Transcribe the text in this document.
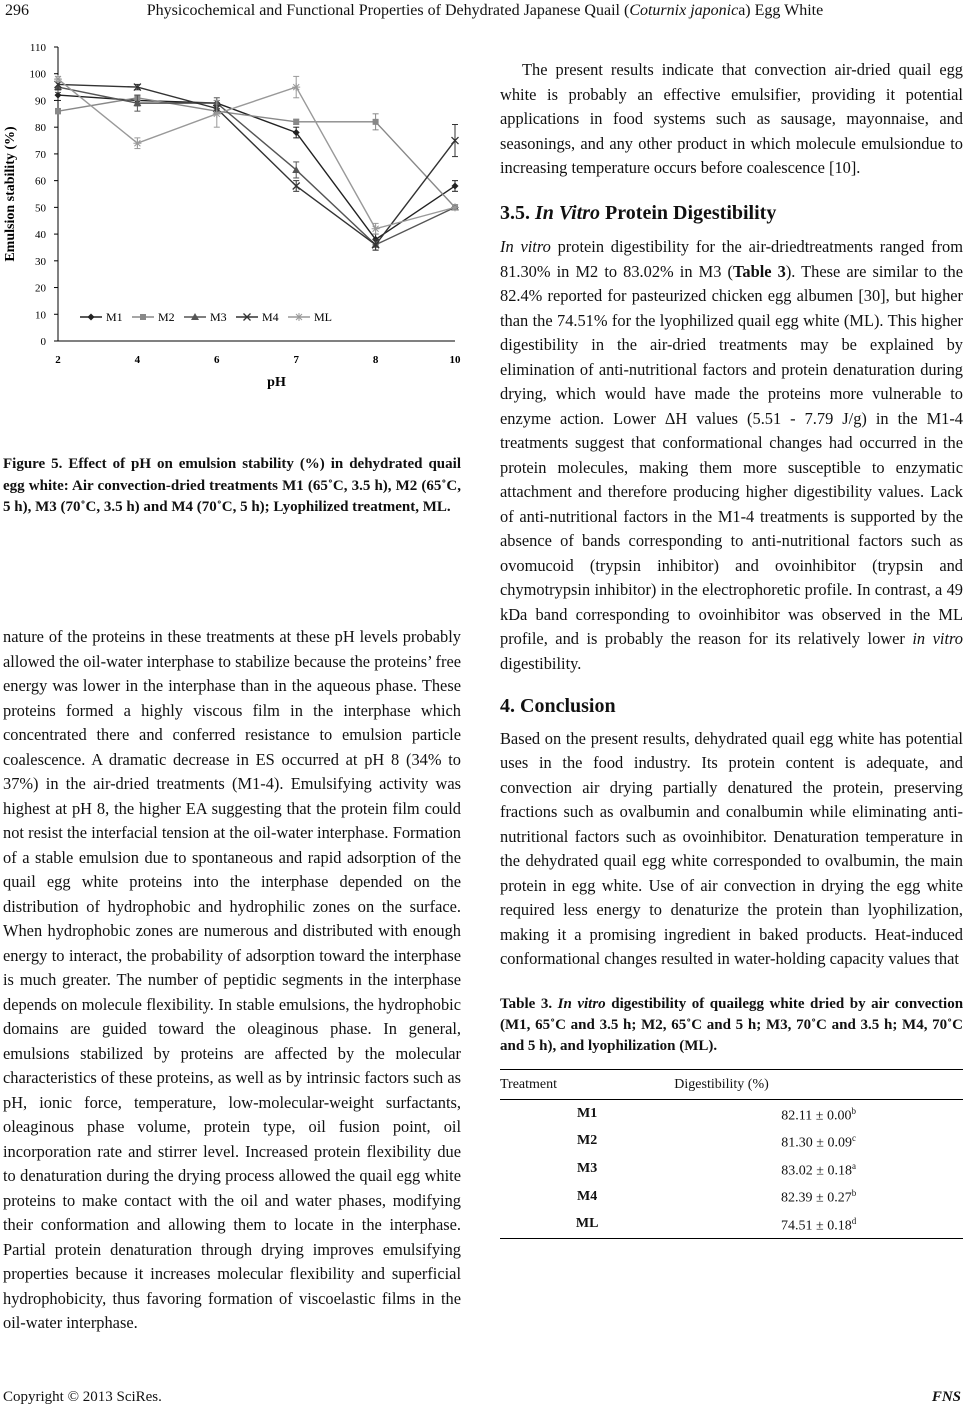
296	Physicochemical and Functional Properties of Dehydrated Japanese Quail (Coturnix japonica) Egg White
0
10
20
30
40
50
60
70
80
90
100
110
2	4	6	7	8	10
pH
Emulsion stability (%)
M1	M2	M3	M4	ML
Figure 5. Effect of pH on emulsion stability (%) in dehydrated quail egg white: Air convection-dried treatments M1 (65˚C, 3.5 h), M2 (65˚C, 5 h), M3 (70˚C, 3.5 h) and M4 (70˚C, 5 h); Lyophilized treatment, ML.

nature of the proteins in these treatments at these pH levels probably allowed the oil-water interphase to stabilize because the proteins’ free energy was lower in the interphase than in the aqueous phase. These proteins formed a highly viscous film in the interphase which concentrated there and conferred resistance to emulsion particle coalescence. A dramatic decrease in ES occurred at pH 8 (34% to 37%) in the air-dried treatments (M1-4). Emulsifying activity was highest at pH 8, the higher EA suggesting that the protein film could not resist the interfacial tension at the oil-water interphase. Formation of a stable emulsion due to spontaneous and rapid adsorption of the quail egg white proteins into the interphase depended on the distribution of hydrophobic and hydrophilic zones on the surface. When hydrophobic zones are numerous and distributed with enough energy to interact, the probability of adsorption toward the interphase is much greater. The number of peptidic segments in the interphase depends on molecule flexibility. In stable emulsions, the hydrophobic domains are guided toward the oleaginous phase. In general, emulsions stabilized by proteins are affected by the molecular characteristics of these proteins, as well as by intrinsic factors such as pH, ionic force, temperature, low-molecular-weight surfactants, oleaginous phase volume, protein type, oil fusion point, oil incorporation rate and stirrer level. Increased protein flexibility due to denaturation during the drying process allowed the quail egg white proteins to make contact with the oil and water phases, modifying their conformation and allowing them to locate in the interphase. Partial protein denaturation through drying improves emulsifying properties because it increases molecular flexibility and superficial hydrophobicity, thus favoring formation of viscoelastic films in the oil-water interphase.

The present results indicate that convection air-dried quail egg white is probably an effective emulsifier, providing it potential applications in food systems such as sausage, mayonnaise, and seasonings, and any other product in which molecule emulsiondue to increasing temperature occurs before coalescence [10].

3.5. In Vitro Protein Digestibility

In vitro protein digestibility for the air-driedtreatments ranged from 81.30% in M2 to 83.02% in M3 (Table 3). These are similar to the 82.4% reported for pasteurized chicken egg albumen [30], but higher than the 74.51% for the lyophilized quail egg white (ML). This higher digestibility in the air-dried treatments may be explained by elimination of anti-nutritional factors and protein denaturation during drying, which would have made the proteins more vulnerable to enzyme action. Lower ΔH values (5.51 - 7.79 J/g) in the M1-4 treatments suggest that conformational changes had occurred in the protein molecules, making them more susceptible to enzymatic attachment and therefore producing higher digestibility values. Lack of anti-nutritional factors in the M1-4 treatments is supported by the absence of bands corresponding to anti-nutritional factors such as ovomucoid (trypsin inhibitor) and ovoinhibitor (trypsin and chymotrypsin inhibitor) in the electrophoretic profile. In contrast, a 49 kDa band corresponding to ovoinhibitor was observed in the ML profile, and is probably the reason for its relatively lower in vitro digestibility.

4. Conclusion

Based on the present results, dehydrated quail egg white has potential uses in the food industry. Its protein content is adequate, and convection air drying partially denatured the protein, preserving fractions such as ovalbumin and conalbumin while eliminating anti-nutritional factors such as ovoinhibitor. Denaturation temperature in the dehydrated quail egg white corresponded to ovalbumin, the main protein in egg white. Use of air convection in drying the egg white required less energy to denaturize the protein than lyophilization, making it a promising ingredient in baked products. Heat-induced conformational changes resulted in water-holding capacity values that

Table 3. In vitro digestibility of quailegg white dried by air convection (M1, 65˚C and 3.5 h; M2, 65˚C and 5 h; M3, 70˚C and 3.5 h; M4, 70˚C and 5 h), and lyophilization (ML).

Treatment	Digestibility (%)
M1	82.11 ± 0.00$^b$
M2	81.30 ± 0.09$^c$
M3	83.02 ± 0.18$^a$
M4	82.39 ± 0.27$^b$
ML	74.51 ± 0.18$^d$
Copyright © 2013 SciRes.	FNS
